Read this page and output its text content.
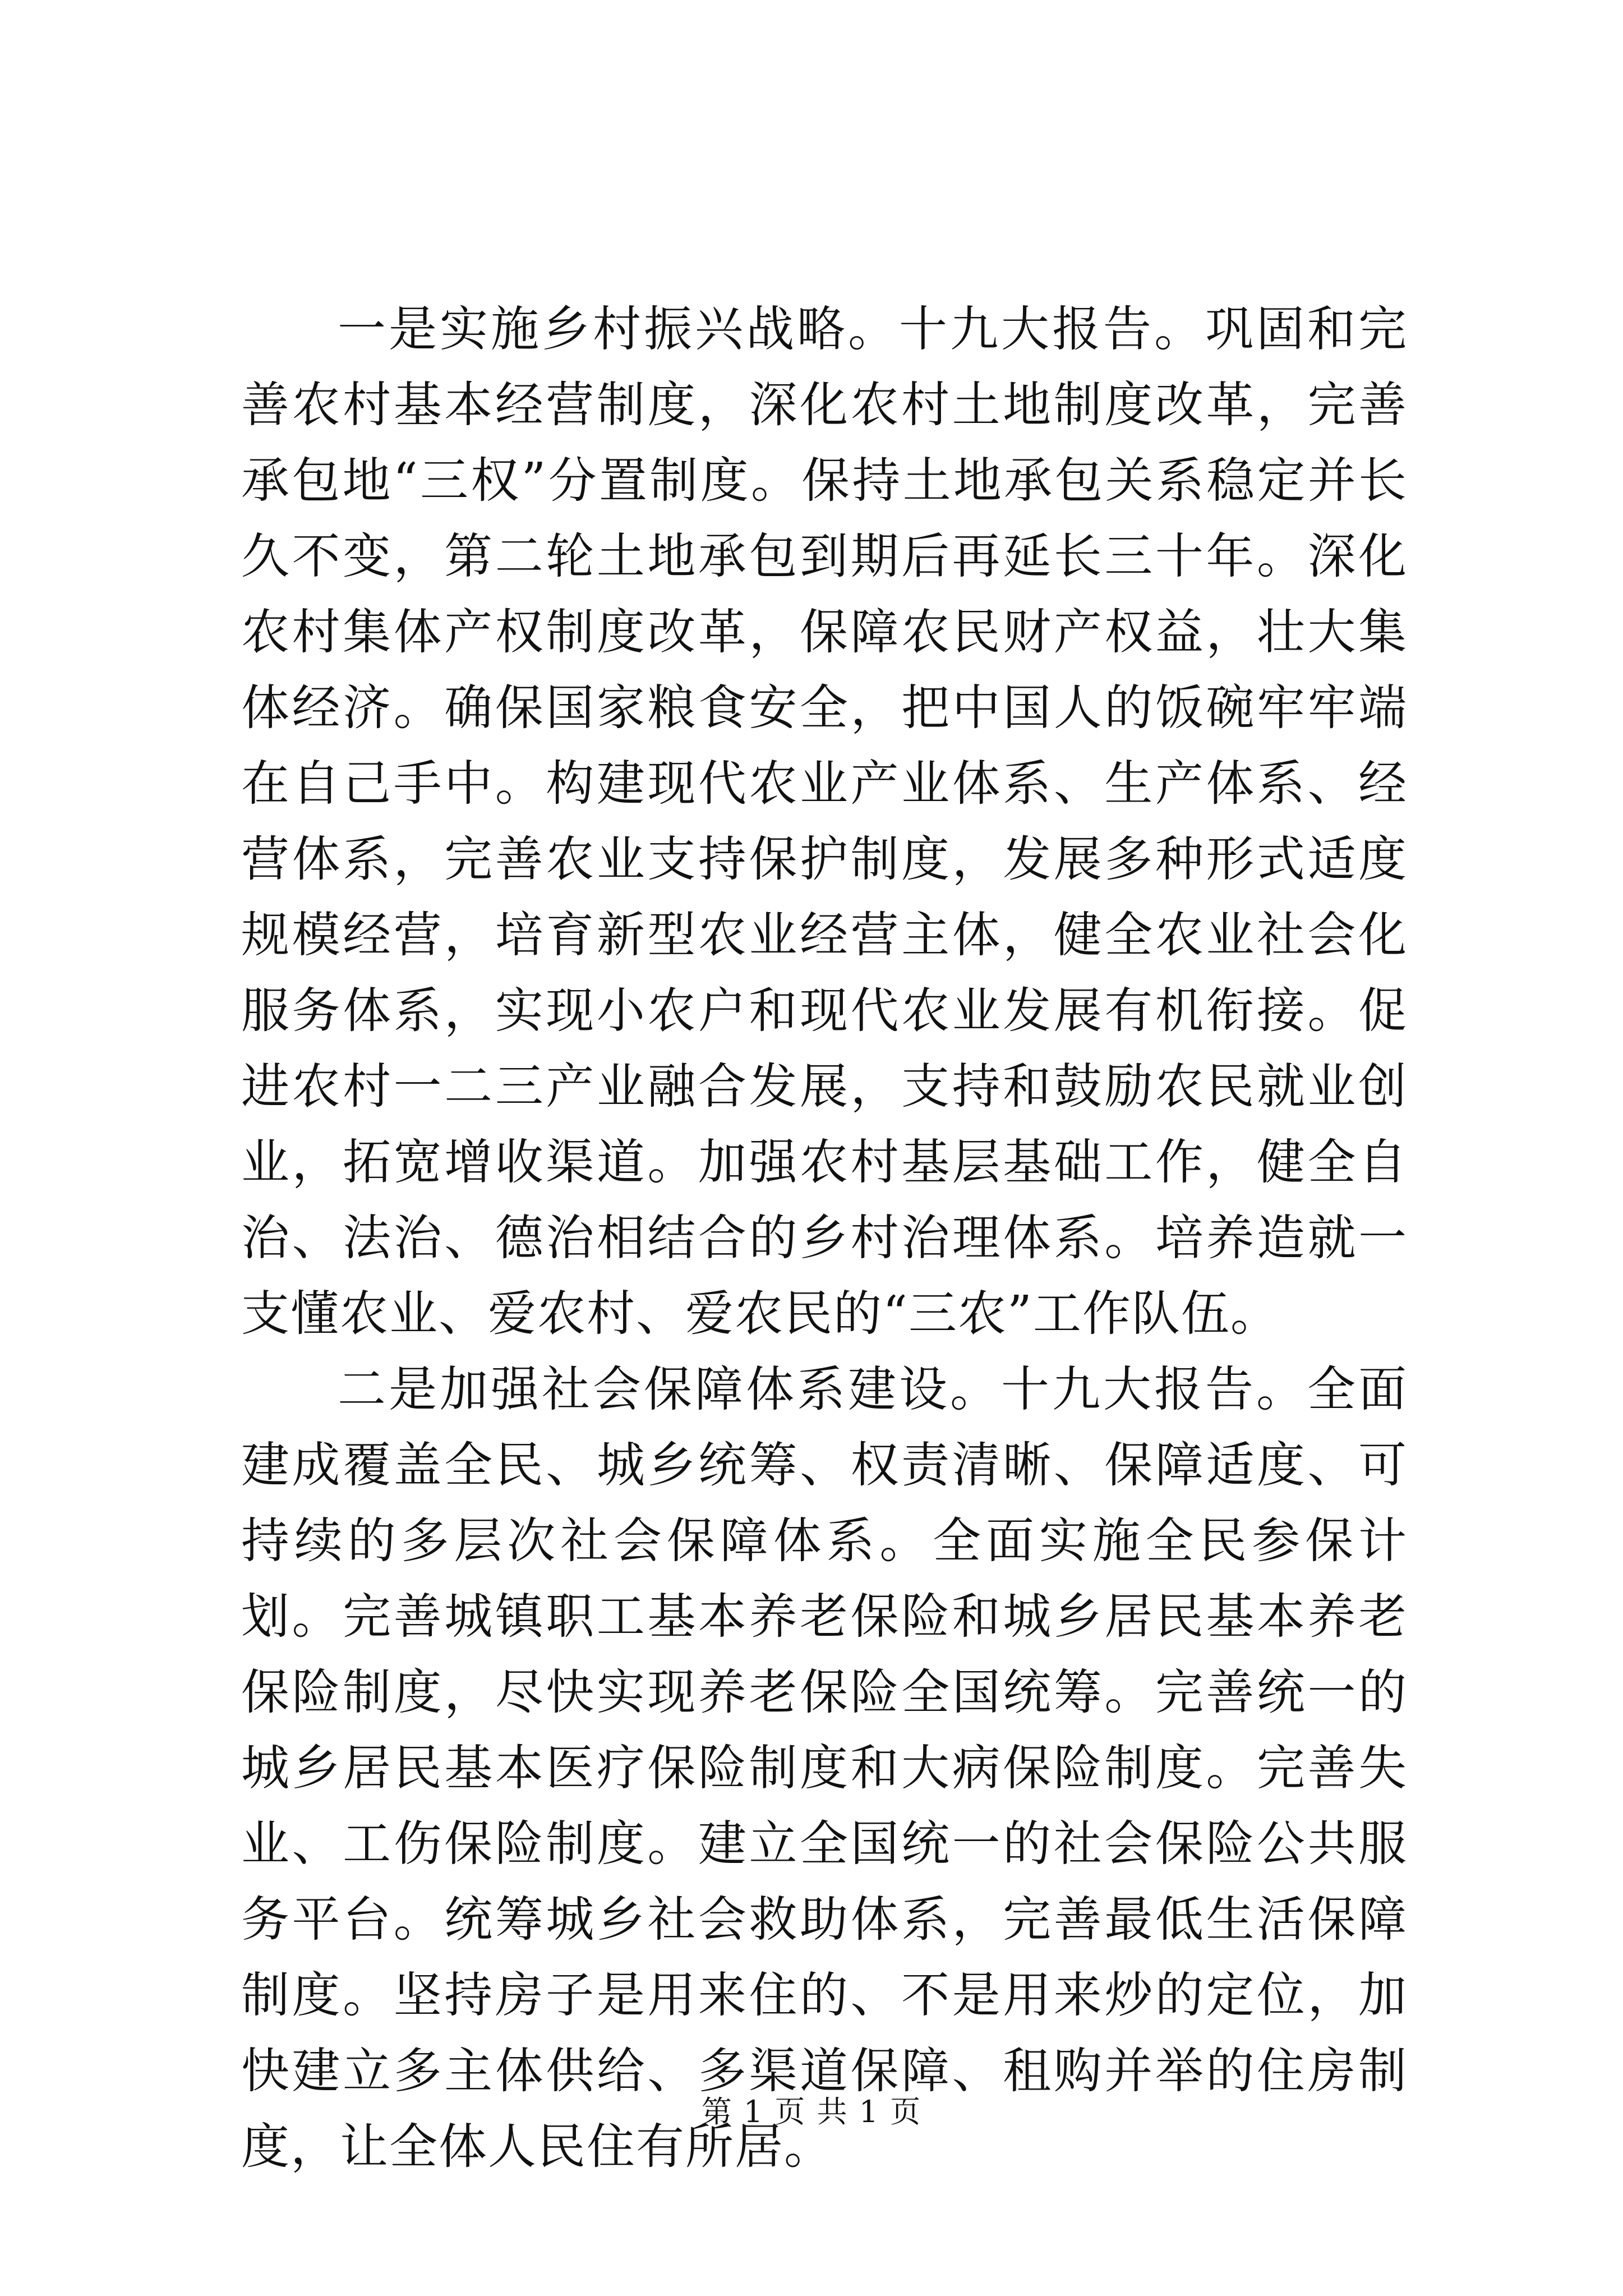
一是实施乡村振兴战略。十九大报告。巩固和完善农村基本经营制度，深化农村土地制度改革，完善承包地“三权”分置制度。保持土地承包关系稳定并长久不变，第二轮土地承包到期后再延长三十年。深化农村集体产权制度改革，保障农民财产权益，壮大集体经济。确保国家粮食安全，把中国人的饭碗牢牢端在自己手中。构建现代农业产业体系、生产体系、经营体系，完善农业支持保护制度，发展多种形式适度规模经营，培育新型农业经营主体，健全农业社会化服务体系，实现小农户和现代农业发展有机衔接。促进农村一二三产业融合发展，支持和鼓励农民就业创业，拓宽增收渠道。加强农村基层基础工作，健全自治、法治、德治相结合的乡村治理体系。培养造就一支懂农业、爱农村、爱农民的“三农”工作队伍。

二是加强社会保障体系建设。十九大报告。全面建成覆盖全民、城乡统筹、权责清晰、保障适度、可持续的多层次社会保障体系。全面实施全民参保计划。完善城镇职工基本养老保险和城乡居民基本养老保险制度，尽快实现养老保险全国统筹。完善统一的城乡居民基本医疗保险制度和大病保险制度。完善失业、工伤保险制度。建立全国统一的社会保险公共服务平台。统筹城乡社会救助体系，完善最低生活保障制度。坚持房子是用来住的、不是用来炒的定位，加快建立多主体供给、多渠道保障、租购并举的住房制度，让全体人民住有所居。

第 1 页 共 1 页
